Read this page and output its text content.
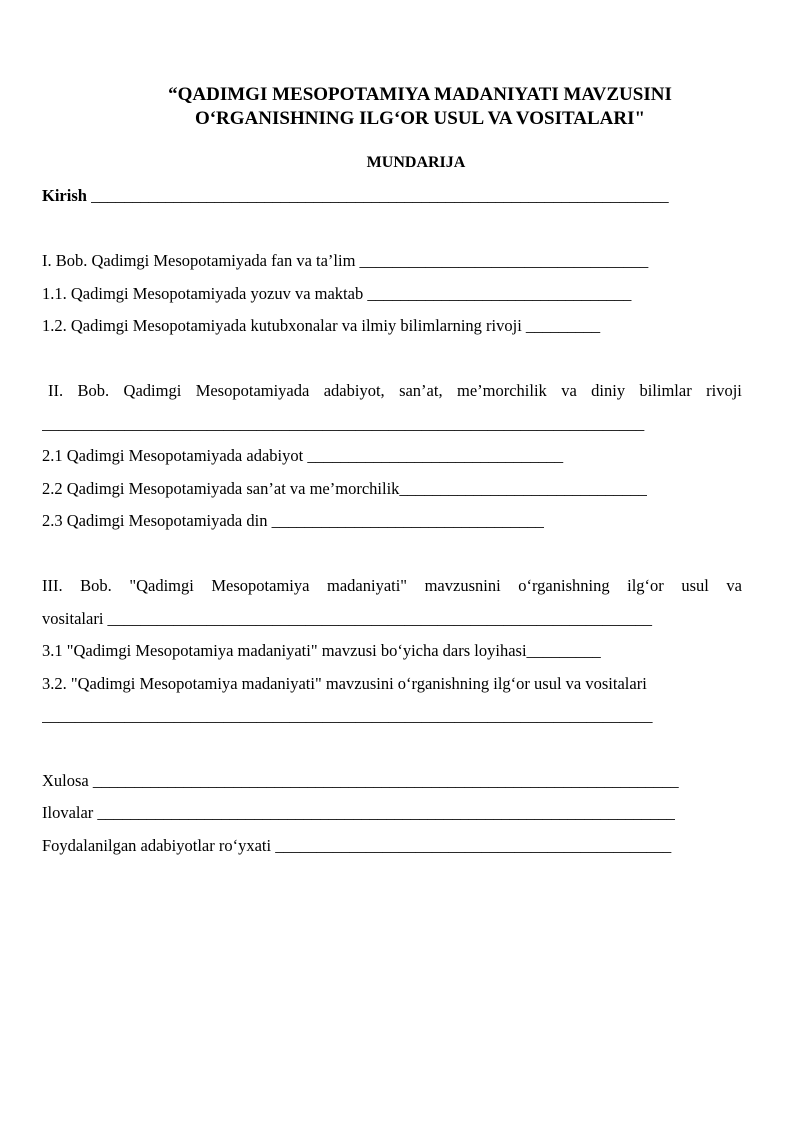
“QADIMGI MESOPOTAMIYA MADANIYATI MAVZUSINI
O‘RGANISHNING ILG‘OR USUL VA VOSITALARI"
MUNDARIJA
Kirish ______________________________________________________________________
I. Bob. Qadimgi Mesopotamiyada fan va ta’lim ___________________________________
1.1. Qadimgi Mesopotamiyada yozuv va maktab ________________________________
1.2. Qadimgi Mesopotamiyada kutubxonalar va ilmiy bilimlarning rivoji _________
II. Bob. Qadimgi Mesopotamiyada adabiyot, san’at, me’morchilik va diniy bilimlar rivoji
_________________________________________________________________________
2.1 Qadimgi Mesopotamiyada adabiyot _______________________________
2.2 Qadimgi Mesopotamiyada san’at va me’morchilik______________________________
2.3 Qadimgi Mesopotamiyada din _________________________________
III. Bob. "Qadimgi Mesopotamiya madaniyati" mavzusnini o‘rganishning ilg‘or usul va
vositalari __________________________________________________________________
3.1 "Qadimgi Mesopotamiya madaniyati" mavzusi bo‘yicha dars loyihasi_________
3.2. "Qadimgi Mesopotamiya madaniyati" mavzusini o‘rganishning ilg‘or usul va vositalari
__________________________________________________________________________
Xulosa _______________________________________________________________________
Ilovalar ______________________________________________________________________
Foydalanilgan adabiyotlar ro‘yxati ________________________________________________
